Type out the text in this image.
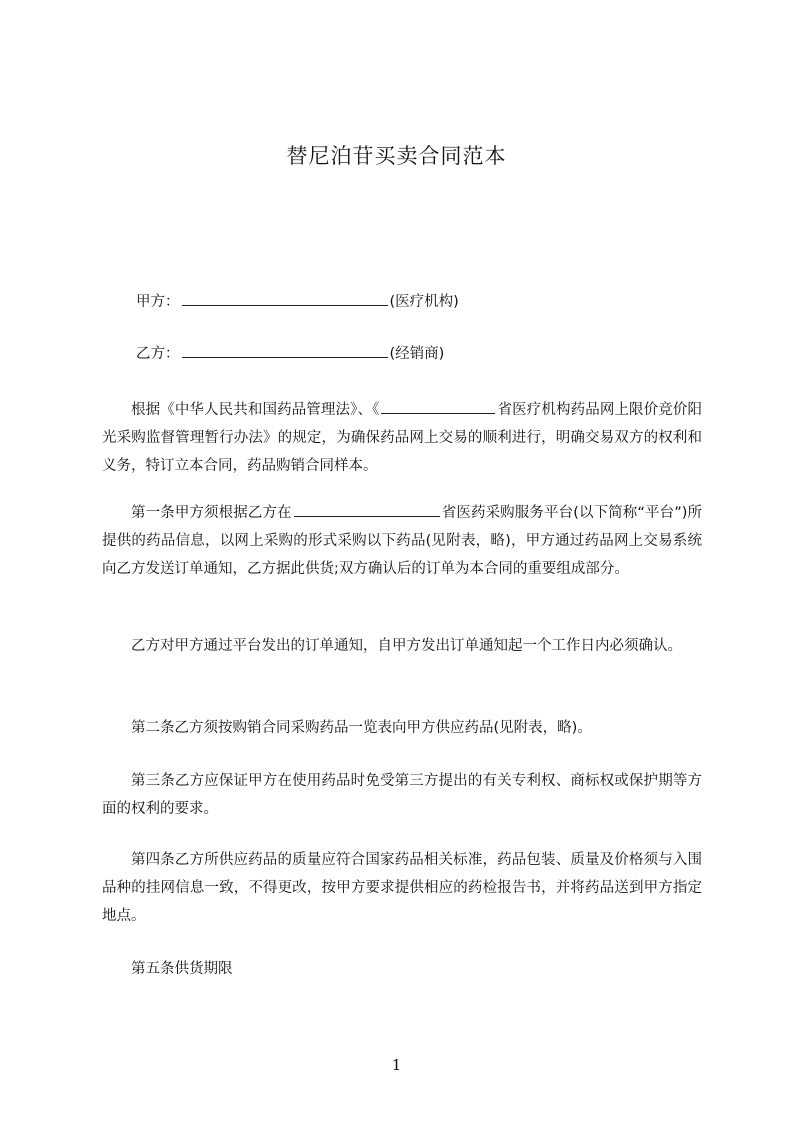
替尼泊苷买卖合同范本
甲方：	(医疗机构)
乙方：	(经销商)
根据《中华人民共和国药品管理法》、《	省医疗机构药品网上限价竞价阳光采购监督管理暂行办法》的规定，为确保药品网上交易的顺利进行，明确交易双方的权利和义务，特订立本合同，药品购销合同样本。
第一条甲方须根据乙方在	省医药采购服务平台(以下简称“平台”)所提供的药品信息，以网上采购的形式采购以下药品(见附表，略)，甲方通过药品网上交易系统向乙方发送订单通知，乙方据此供货;双方确认后的订单为本合同的重要组成部分。
乙方对甲方通过平台发出的订单通知，自甲方发出订单通知起一个工作日内必须确认。
第二条乙方须按购销合同采购药品一览表向甲方供应药品(见附表，略)。
第三条乙方应保证甲方在使用药品时免受第三方提出的有关专利权、商标权或保护期等方面的权利的要求。
第四条乙方所供应药品的质量应符合国家药品相关标准，药品包装、质量及价格须与入围品种的挂网信息一致，不得更改，按甲方要求提供相应的药检报告书，并将药品送到甲方指定地点。
第五条供货期限
1
